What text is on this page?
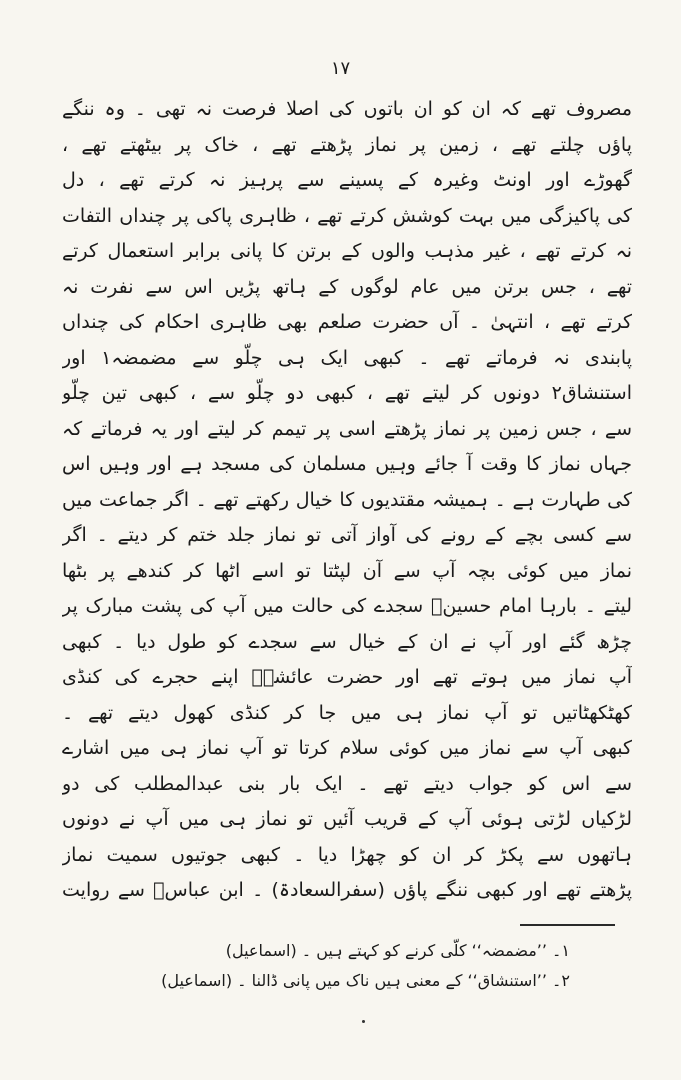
۱۷
مصروف تھے کہ ان کو ان باتوں کی اصلا فرصت نہ تھی ۔ وہ ننگے
پاؤں چلتے تھے ، زمین پر نماز پڑھتے تھے ، خاک پر بیٹھتے تھے ،
گھوڑے اور اونٹ وغیرہ کے پسینے سے پرہیز نہ کرتے تھے ، دل
کی پاکیزگی میں بہت کوشش کرتے تھے ، ظاہری پاکی پر چنداں التفات
نہ کرتے تھے ، غیر مذہب والوں کے برتن کا پانی برابر استعمال کرتے
تھے ، جس برتن میں عام لوگوں کے ہاتھ پڑیں اس سے نفرت نہ
کرتے تھے ، انتہیٰ ۔ آں حضرت صلعم بھی ظاہری احکام کی چنداں
پابندی نہ فرماتے تھے ۔ کبھی ایک ہی چلّو سے مضمضہ۱ اور
استنشاق۲ دونوں کر لیتے تھے ، کبھی دو چلّو سے ، کبھی تین چلّو
سے ، جس زمین پر نماز پڑھتے اسی پر تیمم کر لیتے اور یہ فرماتے کہ
جہاں نماز کا وقت آ جائے وہیں مسلمان کی مسجد ہے اور وہیں اس
کی طہارت ہے ۔ ہمیشہ مقتدیوں کا خیال رکھتے تھے ۔ اگر جماعت میں
سے کسی بچے کے رونے کی آواز آتی تو نماز جلد ختم کر دیتے ۔ اگر
نماز میں کوئی بچہ آپ سے آن لپٹتا تو اسے اٹھا کر کندھے پر بٹھا
لیتے ۔ بارہا امام حسینؓ سجدے کی حالت میں آپ کی پشت مبارک پر
چڑھ گئے اور آپ نے ان کے خیال سے سجدے کو طول دیا ۔ کبھی
آپ نماز میں ہوتے تھے اور حضرت عائشہؓ اپنے حجرے کی کنڈی
کھٹکھٹاتیں تو آپ نماز ہی میں جا کر کنڈی کھول دیتے تھے ۔
کبھی آپ سے نماز میں کوئی سلام کرتا تو آپ نماز ہی میں اشارے
سے اس کو جواب دیتے تھے ۔ ایک بار بنی عبدالمطلب کی دو
لڑکیاں لڑتی ہوئی آپ کے قریب آئیں تو نماز ہی میں آپ نے دونوں
ہاتھوں سے پکڑ کر ان کو چھڑا دیا ۔ کبھی جوتیوں سمیت نماز
پڑھتے تھے اور کبھی ننگے پاؤں (سفرالسعادۃ) ۔ ابن عباسؓ سے روایت
۱۔ ’’مضمضہ‘‘ کلّی کرنے کو کہتے ہیں ۔ (اسماعیل)
۲۔ ’’استنشاق‘‘ کے معنی ہیں ناک میں پانی ڈالنا ۔ (اسماعیل)
